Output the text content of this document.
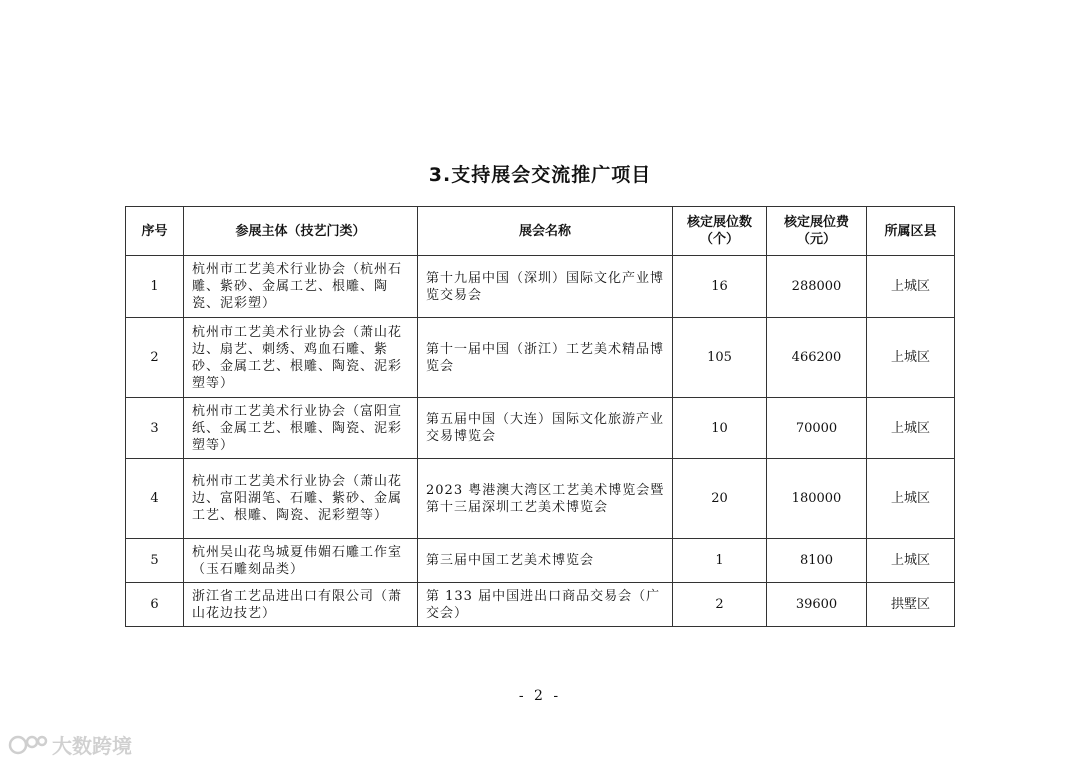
3.支持展会交流推广项目
序号	参展主体（技艺门类）	展会名称	核定展位数（个）	核定展位费（元）	所属区县
1	杭州市工艺美术行业协会（杭州石雕、紫砂、金属工艺、根雕、陶瓷、泥彩塑）	第十九届中国（深圳）国际文化产业博览交易会	16	288000	上城区
2	杭州市工艺美术行业协会（萧山花边、扇艺、刺绣、鸡血石雕、紫砂、金属工艺、根雕、陶瓷、泥彩塑等）	第十一届中国（浙江）工艺美术精品博览会	105	466200	上城区
3	杭州市工艺美术行业协会（富阳宣纸、金属工艺、根雕、陶瓷、泥彩塑等）	第五届中国（大连）国际文化旅游产业交易博览会	10	70000	上城区
4	杭州市工艺美术行业协会（萧山花边、富阳湖笔、石雕、紫砂、金属工艺、根雕、陶瓷、泥彩塑等）	2023 粤港澳大湾区工艺美术博览会暨第十三届深圳工艺美术博览会	20	180000	上城区
5	杭州吴山花鸟城夏伟媚石雕工作室（玉石雕刻品类）	第三届中国工艺美术博览会	1	8100	上城区
6	浙江省工艺品进出口有限公司（萧山花边技艺）	第 133 届中国进出口商品交易会（广交会）	2	39600	拱墅区
- 2 -
大数跨境
